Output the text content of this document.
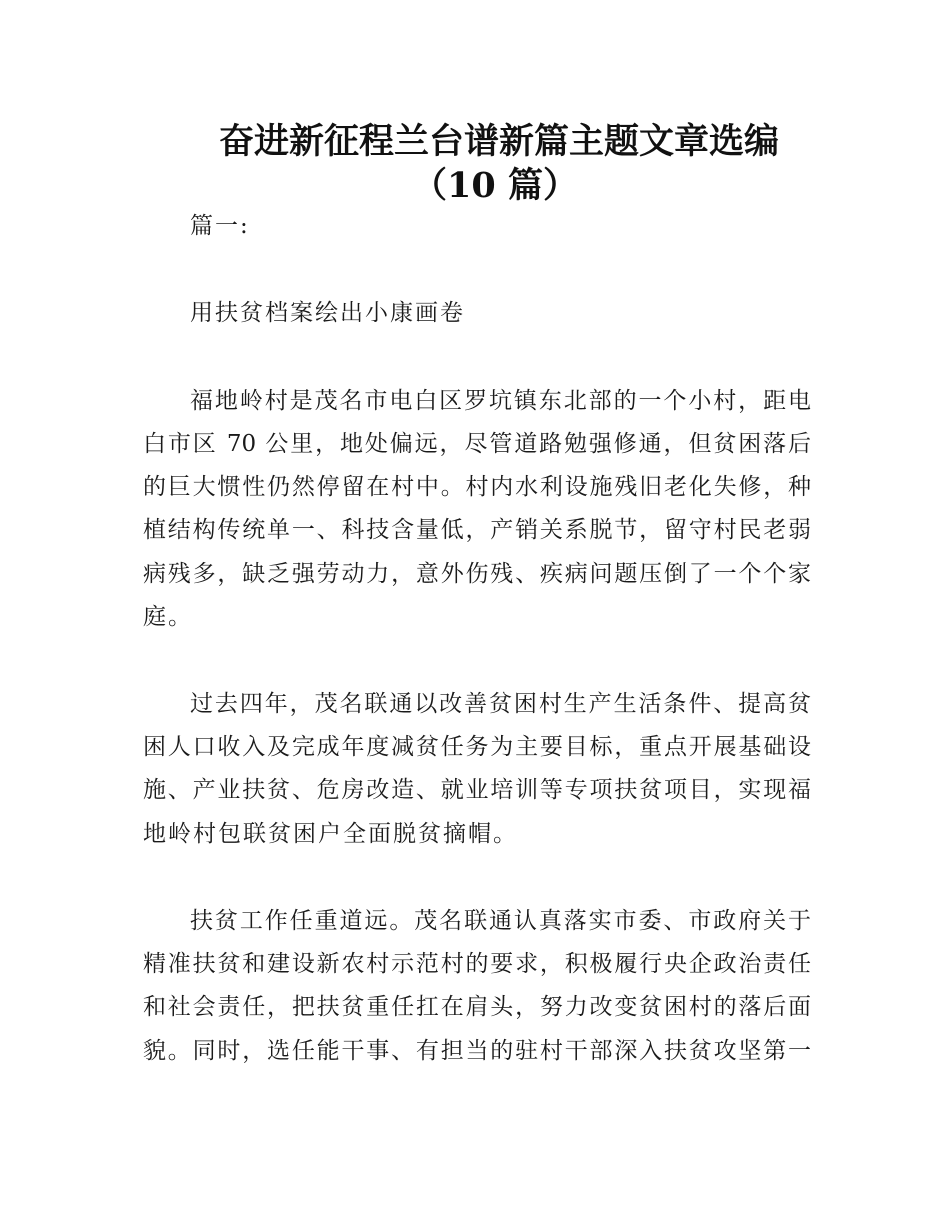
奋进新征程兰台谱新篇主题文章选编
（10 篇）
篇一:
用扶贫档案绘出小康画卷
福地岭村是茂名市电白区罗坑镇东北部的一个小村，距电
白市区 70 公里，地处偏远，尽管道路勉强修通，但贫困落后
的巨大惯性仍然停留在村中。村内水利设施残旧老化失修，种
植结构传统单一、科技含量低，产销关系脱节，留守村民老弱
病残多，缺乏强劳动力，意外伤残、疾病问题压倒了一个个家
庭。
过去四年，茂名联通以改善贫困村生产生活条件、提高贫
困人口收入及完成年度减贫任务为主要目标，重点开展基础设
施、产业扶贫、危房改造、就业培训等专项扶贫项目，实现福
地岭村包联贫困户全面脱贫摘帽。
扶贫工作任重道远。茂名联通认真落实市委、市政府关于
精准扶贫和建设新农村示范村的要求，积极履行央企政治责任
和社会责任，把扶贫重任扛在肩头，努力改变贫困村的落后面
貌。同时，选任能干事、有担当的驻村干部深入扶贫攻坚第一
